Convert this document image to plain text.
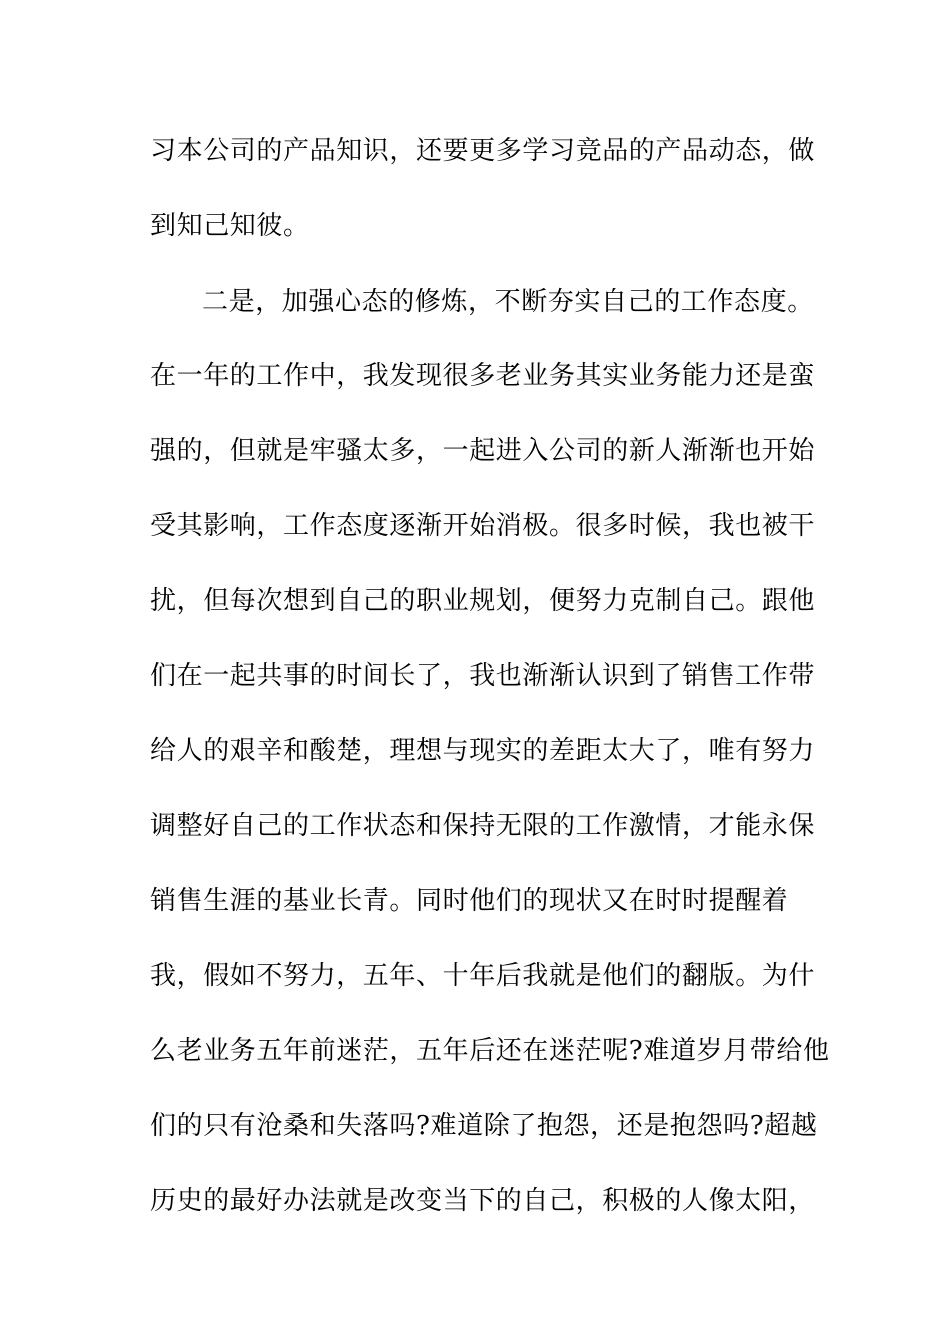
习本公司的产品知识，还要更多学习竞品的产品动态，做

到知己知彼。

二是，加强心态的修炼，不断夯实自己的工作态度。

在一年的工作中，我发现很多老业务其实业务能力还是蛮

强的，但就是牢骚太多，一起进入公司的新人渐渐也开始

受其影响，工作态度逐渐开始消极。很多时候，我也被干

扰，但每次想到自己的职业规划，便努力克制自己。跟他

们在一起共事的时间长了，我也渐渐认识到了销售工作带

给人的艰辛和酸楚，理想与现实的差距太大了，唯有努力

调整好自己的工作状态和保持无限的工作激情，才能永保

销售生涯的基业长青。同时他们的现状又在时时提醒着

我，假如不努力，五年、十年后我就是他们的翻版。为什

么老业务五年前迷茫，五年后还在迷茫呢?难道岁月带给他

们的只有沧桑和失落吗?难道除了抱怨，还是抱怨吗?超越

历史的最好办法就是改变当下的自己，积极的人像太阳，
